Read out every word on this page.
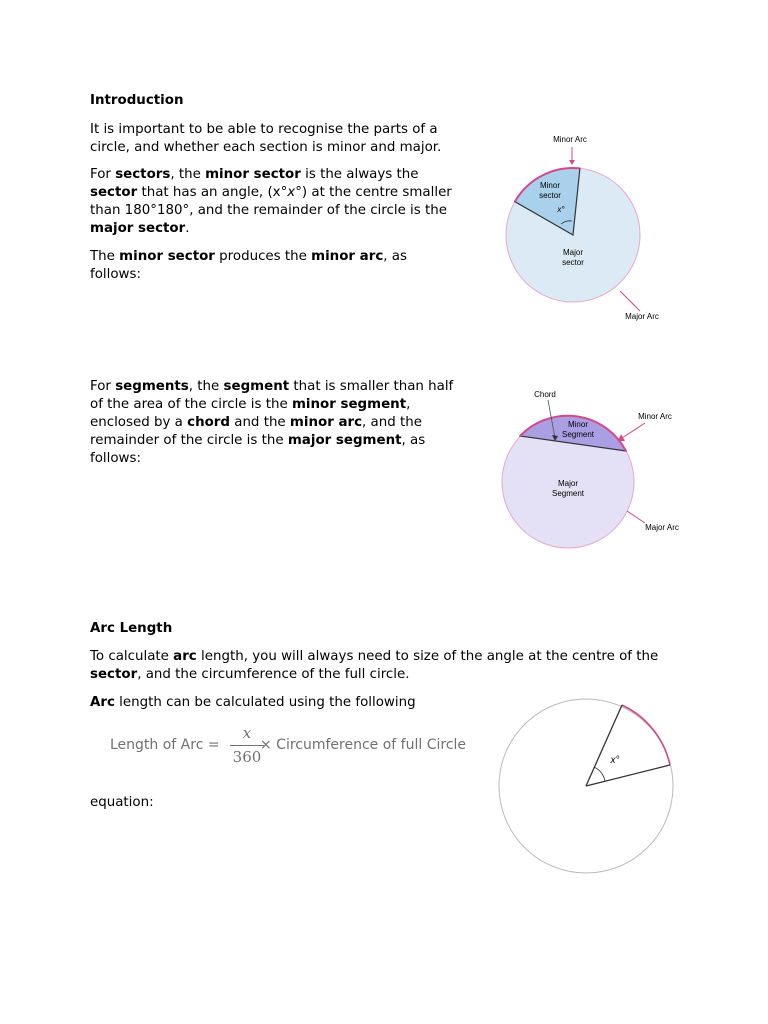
Introduction

It is important to be able to recognise the parts of a circle, and whether each section is minor and major.

For sectors, the minor sector is the always the sector that has an angle, (x°x°) at the centre smaller than 180°180°, and the remainder of the circle is the major sector.

The minor sector produces the minor arc, as follows:

Minor Arc
Minor
sector
x°
Major
sector
Major Arc

For segments, the segment that is smaller than half of the area of the circle is the minor segment, enclosed by a chord and the minor arc, and the remainder of the circle is the major segment, as follows:

Chord
Minor Arc
Minor
Segment
Major
Segment
Major Arc

Arc Length

To calculate arc length, you will always need to size of the angle at the centre of the sector, and the circumference of the full circle.

Arc length can be calculated using the following

Length of Arc =
x
360
× Circumference of full Circle

equation:

x°
